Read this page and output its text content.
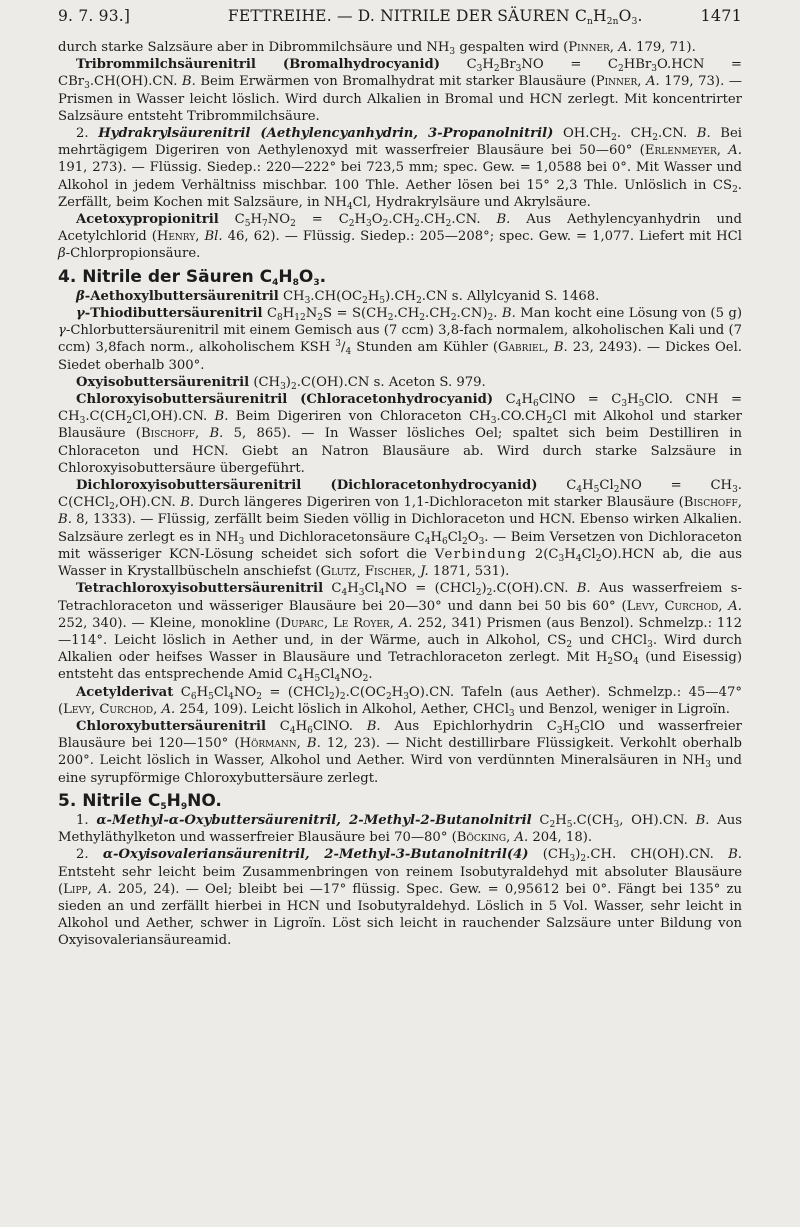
9. 7. 93.]	FETTREIHE. — D. NITRILE DER SÄUREN $C_nH_{2n}O_3$.	1471

durch starke Salzsäure aber in Dibrommilchsäure und $NH_3$ gespalten wird (Pinner, A. 179, 71).

Tribrommilchsäurenitril (Bromalhydrocyanid) $C_3H_2Br_3NO = C_2HBr_3O.HCN = CBr_3.CH(OH).CN$. B. Beim Erwärmen von Bromalhydrat mit starker Blausäure (Pinner, A. 179, 73). — Prismen in Wasser leicht löslich. Wird durch Alkalien in Bromal und HCN zerlegt. Mit koncentrirter Salzsäure entsteht Tribrommilchsäure.

2. Hydrakrylsäurenitril (Aethylencyanhydrin, 3-Propanolnitril) $OH.CH_2$. $CH_2.CN$. B. Bei mehrtägigem Digeriren von Aethylenoxyd mit wasserfreier Blausäure bei 50—60° (Erlenmeyer, A. 191, 273). — Flüssig. Siedep.: 220—222° bei 723,5 mm; spec. Gew. = 1,0588 bei 0°. Mit Wasser und Alkohol in jedem Verhältniss mischbar. 100 Thle. Aether lösen bei 15° 2,3 Thle. Unlöslich in $CS_2$. Zerfällt, beim Kochen mit Salzsäure, in $NH_4Cl$, Hydrakrylsäure und Akrylsäure.

Acetoxypropionitril $C_5H_7NO_2 = C_2H_3O_2.CH_2.CH_2.CN$. B. Aus Aethylencyanhydrin und Acetylchlorid (Henry, Bl. 46, 62). — Flüssig. Siedep.: 205—208°; spec. Gew. = 1,077. Liefert mit HCl β-Chlorpropionsäure.

4. Nitrile der Säuren $C_4H_8O_3$.

β-Aethoxylbuttersäurenitril $CH_3.CH(OC_2H_5).CH_2.CN$ s. Allylcyanid S. 1468.

γ-Thiodibuttersäurenitril $C_8H_{12}N_2S = S(CH_2.CH_2.CH_2.CN)_2$. B. Man kocht eine Lösung von (5 g) γ-Chlorbuttersäurenitril mit einem Gemisch aus (7 ccm) 3,8-fach normalem, alkoholischen Kali und (7 ccm) 3,8fach norm., alkoholischem KSH $^3/_4$ Stunden am Kühler (Gabriel, B. 23, 2493). — Dickes Oel. Siedet oberhalb 300°.

Oxyisobuttersäurenitril $(CH_3)_2.C(OH).CN$ s. Aceton S. 979.

Chloroxyisobuttersäurenitril (Chloracetonhydrocyanid) $C_4H_6ClNO = C_3H_5ClO$. CNH = $CH_3.C(CH_2Cl,OH).CN$. B. Beim Digeriren von Chloraceton $CH_3.CO.CH_2Cl$ mit Alkohol und starker Blausäure (Bischoff, B. 5, 865). — In Wasser lösliches Oel; spaltet sich beim Destilliren in Chloraceton und HCN. Giebt an Natron Blausäure ab. Wird durch starke Salzsäure in Chloroxyisobuttersäure übergeführt.

Dichloroxyisobuttersäurenitril (Dichloracetonhydrocyanid) $C_4H_5Cl_2NO = CH_3$. C(CHCl$_2$,OH).CN. B. Durch längeres Digeriren von 1,1-Dichloraceton mit starker Blausäure (Bischoff, B. 8, 1333). — Flüssig, zerfällt beim Sieden völlig in Dichloraceton und HCN. Ebenso wirken Alkalien. Salzsäure zerlegt es in $NH_3$ und Dichloracetonsäure $C_4H_6Cl_2O_3$. — Beim Versetzen von Dichloraceton mit wässeriger KCN-Lösung scheidet sich sofort die Verbindung $2(C_3H_4Cl_2O).HCN$ ab, die aus Wasser in Krystallbüscheln anschiefst (Glutz, Fischer, J. 1871, 531).

Tetrachloroxyisobuttersäurenitril $C_4H_3Cl_4NO$ = $(CHCl_2)_2.C(OH).CN$. B. Aus wasserfreiem s-Tetrachloraceton und wässeriger Blausäure bei 20—30° und dann bei 50 bis 60° (Levy, Curchod, A. 252, 340). — Kleine, monokline (Duparc, Le Royer, A. 252, 341) Prismen (aus Benzol). Schmelzp.: 112—114°. Leicht löslich in Aether und, in der Wärme, auch in Alkohol, $CS_2$ und CHCl$_3$. Wird durch Alkalien oder heifses Wasser in Blausäure und Tetrachloraceton zerlegt. Mit $H_2SO_4$ (und Eisessig) entsteht das entsprechende Amid $C_4H_5Cl_4NO_2$.

Acetylderivat $C_6H_5Cl_4NO_2$ = $(CHCl_2)_2.C(OC_2H_3O).CN$. Tafeln (aus Aether). Schmelzp.: 45—47° (Levy, Curchod, A. 254, 109). Leicht löslich in Alkohol, Aether, CHCl$_3$ und Benzol, weniger in Ligroïn.

Chloroxybuttersäurenitril $C_4H_6ClNO$. B. Aus Epichlorhydrin $C_3H_5ClO$ und wasserfreier Blausäure bei 120—150° (Hörmann, B. 12, 23). — Nicht destillirbare Flüssigkeit. Verkohlt oberhalb 200°. Leicht löslich in Wasser, Alkohol und Aether. Wird von verdünnten Mineralsäuren in $NH_3$ und eine syrupförmige Chloroxybuttersäure zerlegt.

5. Nitrile $C_5H_9NO$.

1. α-Methyl-α-Oxybuttersäurenitril, 2-Methyl-2-Butanolnitril $C_2H_5.C(CH_3$, OH).CN. B. Aus Methyläthylketon und wasserfreier Blausäure bei 70—80° (Böcking, A. 204, 18).

2. α-Oxyisovaleriansäurenitril, 2-Methyl-3-Butanolnitril(4) $(CH_3)_2.CH$. CH(OH).CN. B. Entsteht sehr leicht beim Zusammenbringen von reinem Isobutyraldehyd mit absoluter Blausäure (Lipp, A. 205, 24). — Oel; bleibt bei —17° flüssig. Spec. Gew. = 0,95612 bei 0°. Fängt bei 135° zu sieden an und zerfällt hierbei in HCN und Isobutyraldehyd. Löslich in 5 Vol. Wasser, sehr leicht in Alkohol und Aether, schwer in Ligroïn. Löst sich leicht in rauchender Salzsäure unter Bildung von Oxyisovaleriansäureamid.
